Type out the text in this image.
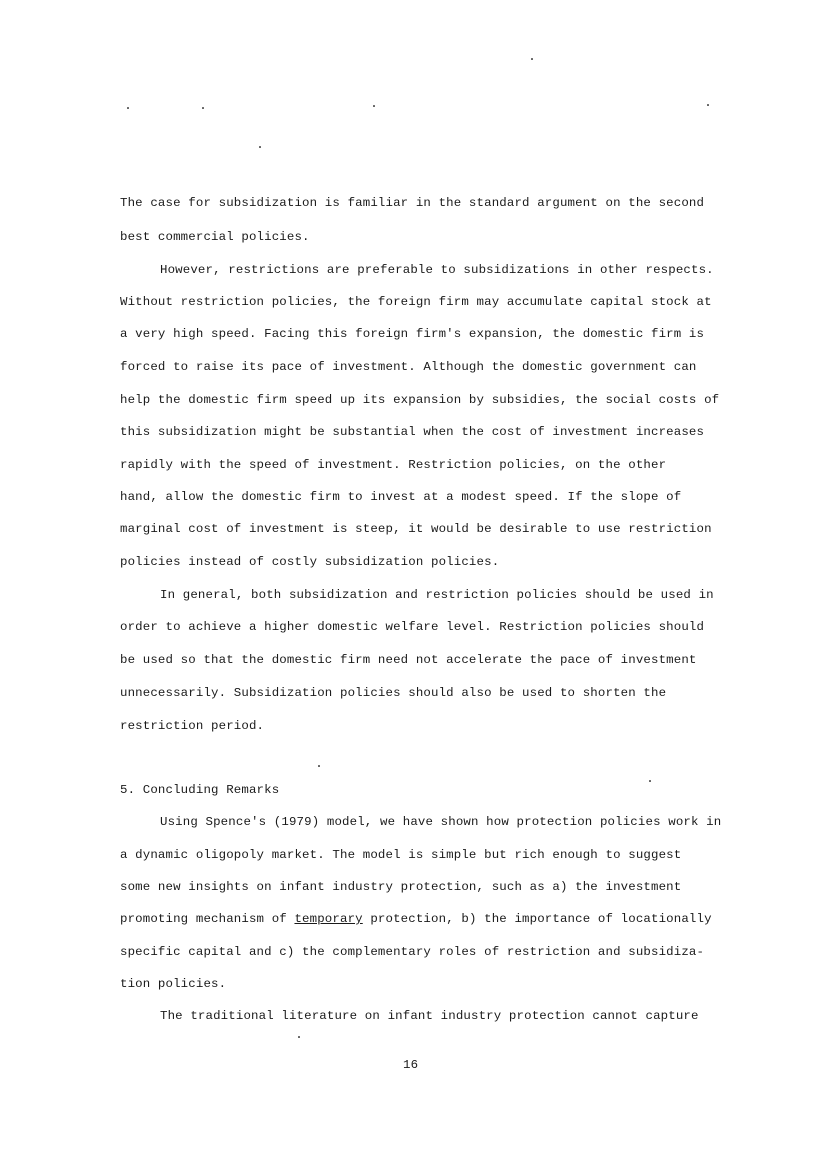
The case for subsidization is familiar in the standard argument on the second
best commercial policies.
However, restrictions are preferable to subsidizations in other respects.
Without restriction policies, the foreign firm may accumulate capital stock at
a very high speed. Facing this foreign firm's expansion, the domestic firm is
forced to raise its pace of investment. Although the domestic government can
help the domestic firm speed up its expansion by subsidies, the social costs of
this subsidization might be substantial when the cost of investment increases
rapidly with the speed of investment. Restriction policies, on the other
hand, allow the domestic firm to invest at a modest speed. If the slope of
marginal cost of investment is steep, it would be desirable to use restriction
policies instead of costly subsidization policies.
In general, both subsidization and restriction policies should be used in
order to achieve a higher domestic welfare level. Restriction policies should
be used so that the domestic firm need not accelerate the pace of investment
unnecessarily. Subsidization policies should also be used to shorten the
restriction period.
5. Concluding Remarks
Using Spence's (1979) model, we have shown how protection policies work in
a dynamic oligopoly market. The model is simple but rich enough to suggest
some new insights on infant industry protection, such as a) the investment
promoting mechanism of temporary protection, b) the importance of locationally
specific capital and c) the complementary roles of restriction and subsidiza-
tion policies.
The traditional literature on infant industry protection cannot capture
16
